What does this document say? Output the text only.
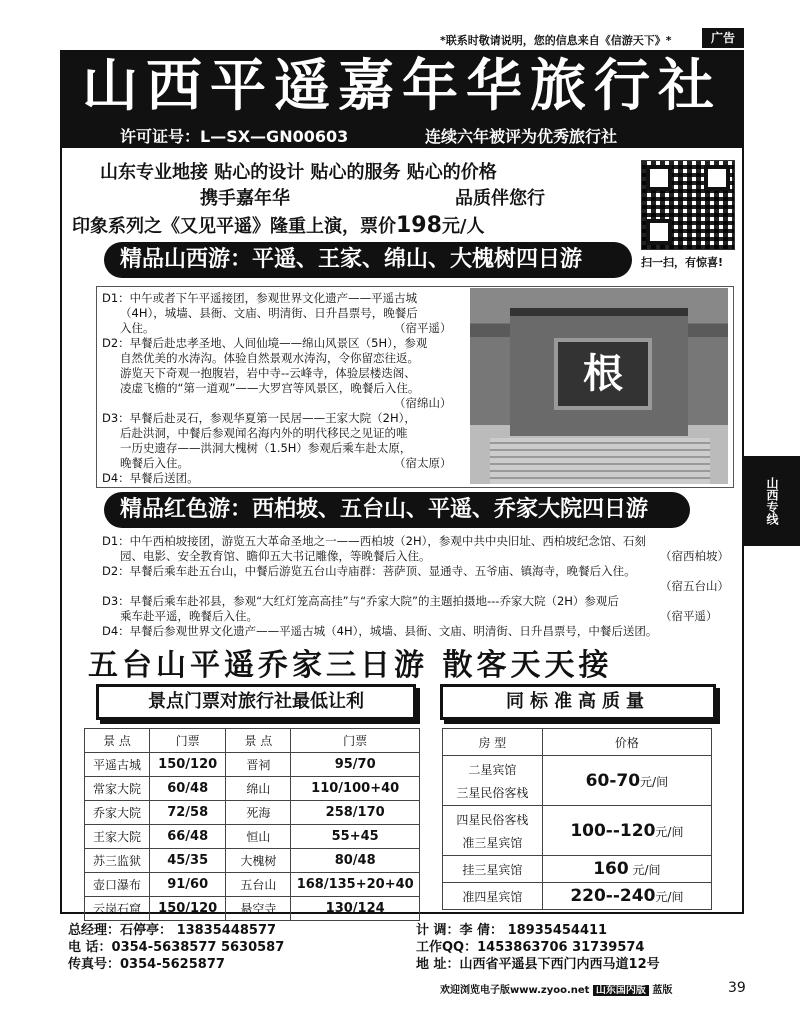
*联系时敬请说明，您的信息来自《信游天下》*	广告
山西平遥嘉年华旅行社
许可证号：L—SX—GN00603	连续六年被评为优秀旅行社
山东专业地接 贴心的设计 贴心的服务 贴心的价格
携手嘉年华	品质伴您行
印象系列之《又见平遥》隆重上演，票价198元/人
扫一扫，有惊喜!
精品山西游：平遥、王家、绵山、大槐树四日游
根
D1：中午或者下午平遥接团，参观世界文化遗产——平遥古城
（4H），城墙、县衙、文庙、明清街、日升昌票号，晚餐后
入住。	（宿平遥）
D2：早餐后赴忠孝圣地、人间仙境——绵山风景区（5H），参观
自然优美的水涛沟。体验自然景观水涛沟，令你留恋往返。
游览天下奇观一抱腹岩，岩中寺--云峰寺，体验层楼迭阁、
凌虚飞檐的“第一道观”——大罗宫等风景区，晚餐后入住。
（宿绵山）
D3：早餐后赴灵石，参观华夏第一民居——王家大院（2H），
后赴洪洞，中餐后参观闻名海内外的明代移民之见证的唯
一历史遗存——洪洞大槐树（1.5H）参观后乘车赴太原，
晚餐后入住。	（宿太原）
D4：早餐后送团。
精品红色游：西柏坡、五台山、平遥、乔家大院四日游
D1：中午西柏坡接团，游览五大革命圣地之一——西柏坡（2H），参观中共中央旧址、西柏坡纪念馆、石刻
园、电影、安全教育馆、瞻仰五大书记雕像，等晚餐后入住。	（宿西柏坡）
D2：早餐后乘车赴五台山，中餐后游览五台山寺庙群：菩萨顶、显通寺、五爷庙、镇海寺，晚餐后入住。
（宿五台山）
D3：早餐后乘车赴祁县，参观“大红灯笼高高挂”与“乔家大院”的主题拍摄地---乔家大院（2H）参观后
乘车赴平遥，晚餐后入住。	（宿平遥）
D4：早餐后参观世界文化遗产——平遥古城（4H），城墙、县衙、文庙、明清街、日升昌票号，中餐后送团。
五台山平遥乔家三日游 散客天天接
景点门票对旅行社最低让利	同标准高质量
景 点	门票	景 点	门票
平遥古城	150/120	晋祠	95/70
常家大院	60/48	绵山	110/100+40
乔家大院	72/58	死海	258/170
王家大院	66/48	恒山	55+45
苏三监狱	45/35	大槐树	80/48
壶口瀑布	91/60	五台山	168/135+20+40
云岗石窟	150/120	悬空寺	130/124
房 型	价格

二星宾馆
三星民俗客栈	60-70元/间

四星民俗客栈
准三星宾馆	100--120元/间
挂三星宾馆	160 元/间
准四星宾馆	220--240元/间
总经理：石停亭： 13835448577
电 话：0354-5638577 5630587
传真号：0354-5625877
计 调：李 倩： 18935454411
工作QQ：1453863706 31739574
地 址：山西省平遥县下西门内西马道12号
山西专线
欢迎浏览电子版www.zyoo.net 山东国内版 蓝版	39
